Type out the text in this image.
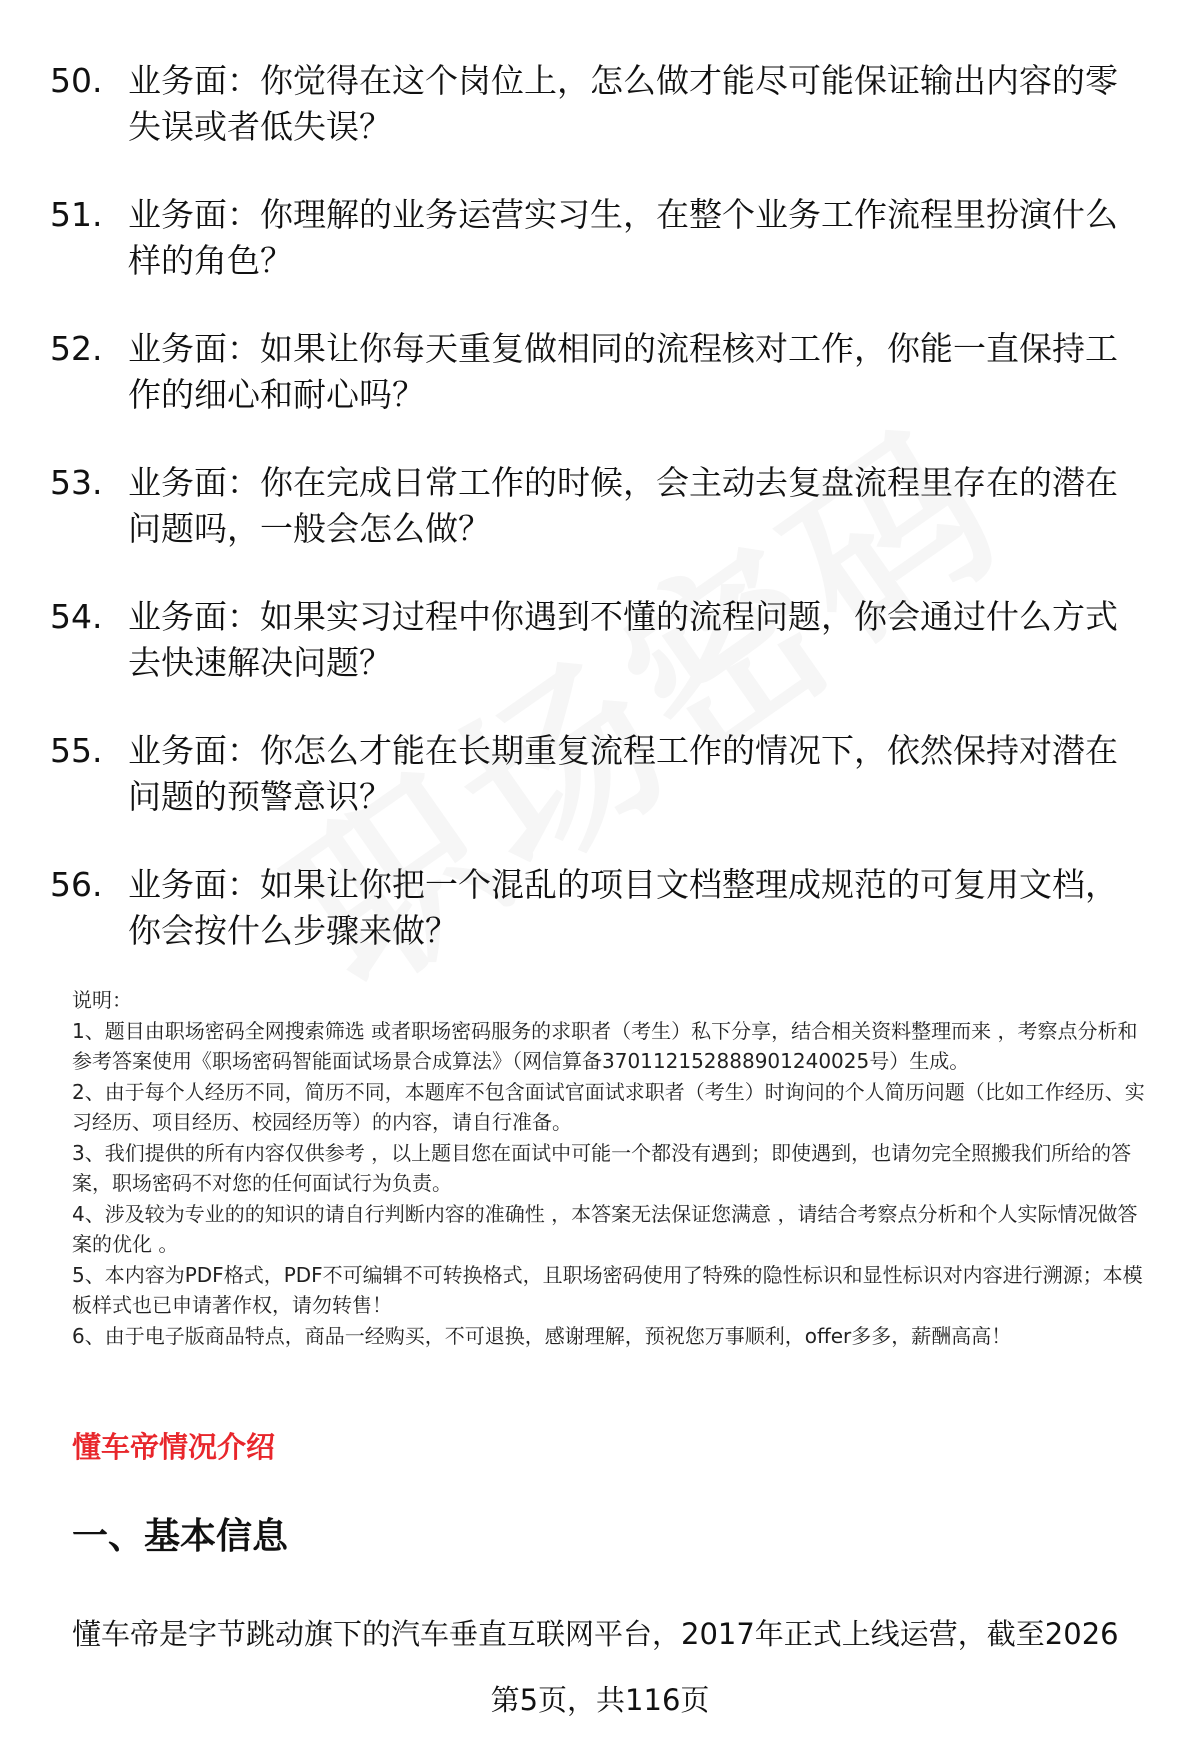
50. 业务面：你觉得在这个岗位上，怎么做才能尽可能保证输出内容的零失误或者低失误？
51. 业务面：你理解的业务运营实习生，在整个业务工作流程里扮演什么样的角色？
52. 业务面：如果让你每天重复做相同的流程核对工作，你能一直保持工作的细心和耐心吗？
53. 业务面：你在完成日常工作的时候，会主动去复盘流程里存在的潜在问题吗，一般会怎么做？
54. 业务面：如果实习过程中你遇到不懂的流程问题，你会通过什么方式去快速解决问题？
55. 业务面：你怎么才能在长期重复流程工作的情况下，依然保持对潜在问题的预警意识？
56. 业务面：如果让你把一个混乱的项目文档整理成规范的可复用文档，你会按什么步骤来做？

说明：

1、题目由职场密码全网搜索筛选 或者职场密码服务的求职者（考生）私下分享，结合相关资料整理而来 ，考察点分析和参考答案使用《职场密码智能面试场景合成算法》（网信算备370112152888901240025号）生成。

2、由于每个人经历不同，简历不同，本题库不包含面试官面试求职者（考生）时询问的个人简历问题（比如工作经历、实习经历、项目经历、校园经历等）的内容，请自行准备。

3、我们提供的所有内容仅供参考 ，以上题目您在面试中可能一个都没有遇到；即使遇到，也请勿完全照搬我们所给的答案，职场密码不对您的任何面试行为负责。

4、涉及较为专业的的知识的请自行判断内容的准确性 ，本答案无法保证您满意 ，请结合考察点分析和个人实际情况做答案的优化 。

5、本内容为PDF格式，PDF不可编辑不可转换格式，且职场密码使用了特殊的隐性标识和显性标识对内容进行溯源；本模板样式也已申请著作权，请勿转售！

6、由于电子版商品特点，商品一经购买，不可退换，感谢理解，预祝您万事顺利，offer多多，薪酬高高！

懂车帝情况介绍
一、基本信息
懂车帝是字节跳动旗下的汽车垂直互联网平台，2017年正式上线运营，截至2026
第5页，共116页
